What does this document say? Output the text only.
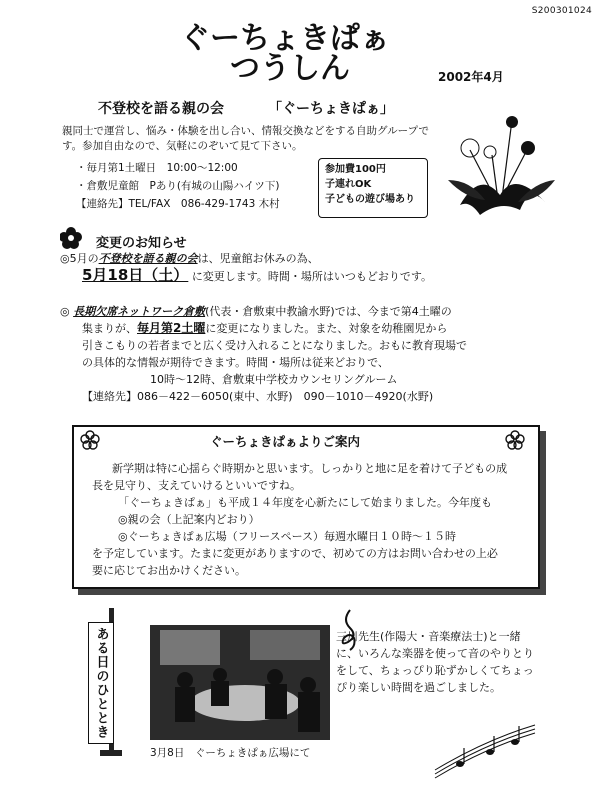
S200301024
ぐーちょきぱぁ
つうしん	2002年4月
不登校を語る親の会	「ぐーちょきぱぁ」
親同士で運営し、悩み・体験を出し合い、情報交換などをする自助グループです。参加自由なので、気軽にのぞいて見て下さい。
・毎月第1土曜日　10:00～12:00
・倉敷児童館　Pあり(有城の山陽ハイツ下)
【連絡先】TEL/FAX　086-429-1743 木村
参加費100円
子連れOK
子どもの遊び場あり
変更のお知らせ
◎5月の不登校を語る親の会は、児童館お休みの為、
5月18日（土） に変更します。時間・場所はいつもどおりです。
◎ 長期欠席ネットワーク倉敷(代表・倉敷東中教諭水野)では、今まで第4土曜の
集まりが、毎月第2土曜に変更になりました。また、対象を幼稚園児から
引きこもりの若者までと広く受け入れることになりました。おもに教育現場で
の具体的な情報が期待できます。時間・場所は従来どおりで、
10時～12時、倉敷東中学校カウンセリングルーム
【連絡先】086－422－6050(東中、水野)　090－1010－4920(水野)
ぐーちょきぱぁよりご案内
新学期は特に心揺らぐ時期かと思います。しっかりと地に足を着けて子どもの成
長を見守り、支えていけるといいですね。
「ぐーちょきぱぁ」も平成１４年度を心新たにして始まりました。今年度も
◎親の会（上記案内どおり）
◎ぐーちょきぱぁ広場（フリースペース）毎週水曜日１０時～１５時
を予定しています。たまに変更がありますので、初めての方はお問い合わせの上必
要に応じてお出かけください。
ある日のひととき
3月8日　ぐーちょきぱぁ広場にて
三川先生(作陽大・音楽療法士)と一緒に、いろんな楽器を使って音のやりとりをして、ちょっぴり恥ずかしくてちょっぴり楽しい時間を過ごしました。
